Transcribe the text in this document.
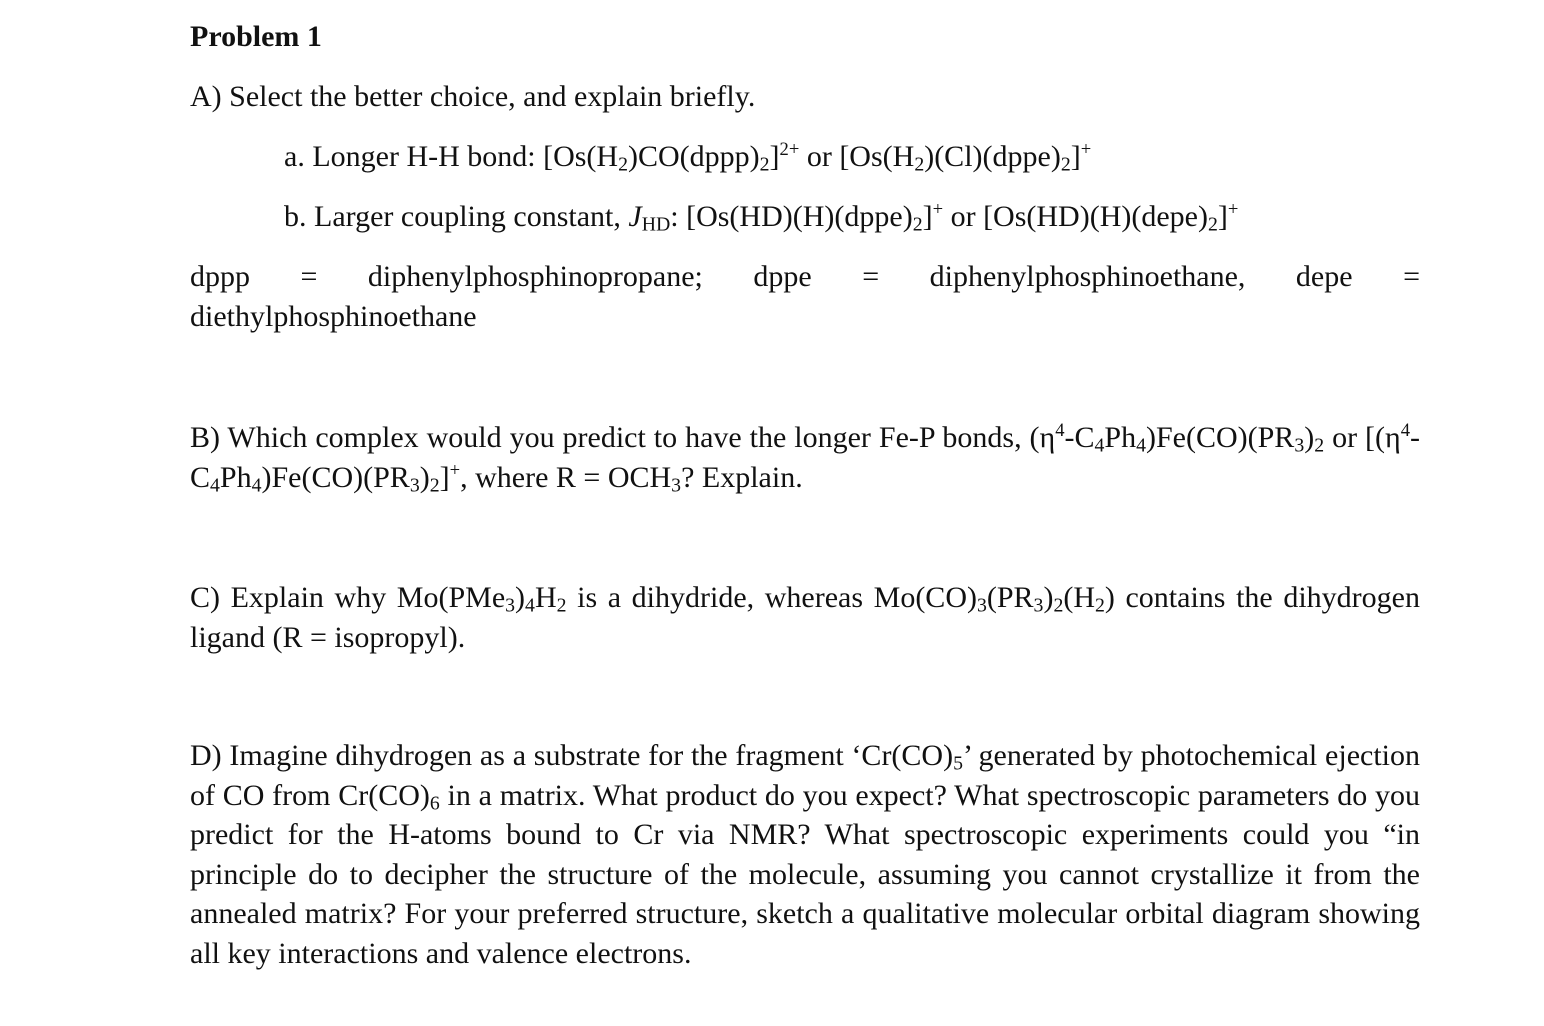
Problem 1
A) Select the better choice, and explain briefly.
a. Longer H-H bond: $[Os(H_2)CO(dppp)_2]^{2+}$ or $[Os(H_2)(Cl)(dppe)_2]^+$
b. Larger coupling constant, JHD: $[Os(HD)(H)(dppe)_2]^+$ or $[Os(HD)(H)(depe)_2]^+$
dppp = diphenylphosphinopropane; dppe = diphenylphosphinoethane, depe =
diethylphosphinoethane
B) Which complex would you predict to have the longer Fe-P bonds, $(\eta^4-C_4Ph_4)Fe(CO)(PR_3)_2$ or $[(\eta^4-C_4Ph_4)Fe(CO)(PR_3)_2]^+$, where $R = OCH_3$? Explain.
C) Explain why $Mo(PMe_3)_4H_2$ is a dihydride, whereas $Mo(CO)_3(PR_3)_2(H_2)$ contains the dihydrogen ligand (R = isopropyl).
D) Imagine dihydrogen as a substrate for the fragment ‘$Cr(CO)_5$’ generated by photochemical ejection of CO from $Cr(CO)_6$ in a matrix. What product do you expect? What spectroscopic parameters do you predict for the H-atoms bound to Cr via NMR? What spectroscopic experiments could you “in principle do to decipher the structure of the molecule, assuming you cannot crystallize it from the annealed matrix? For your preferred structure, sketch a qualitative molecular orbital diagram showing all key interactions and valence electrons.
